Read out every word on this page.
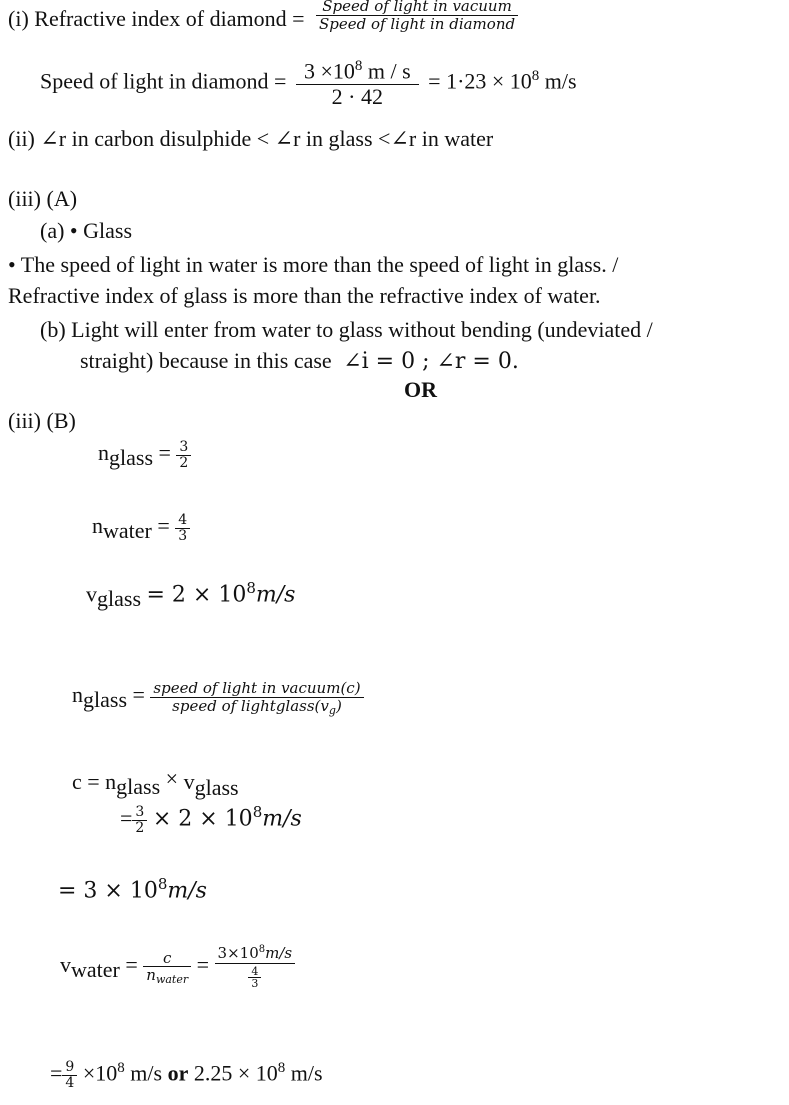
(i) Refractive index of diamond = $\frac{\text{Speed of light in vacuum}}{\text{Speed of light in diamond}}$
Speed of light in diamond = $\frac{3 \times 10^8 m / s}{2 \cdot 42} = 1\cdot 23 \times 10^8$ m/s
(ii) ∠r in carbon disulphide < ∠r in glass <∠r in water
(iii) (A)
(a) • Glass
• The speed of light in water is more than the speed of light in glass. /
Refractive index of glass is more than the refractive index of water.
(b) Light will enter from water to glass without bending (undeviated /
straight) because in this case ∠i = 0 ; ∠r = 0.
OR
(iii) (B)
nglass = $\frac{3}{2}$
nwater = $\frac{4}{3}$
vglass = $2 \times 10^8m/s$
nglass = $\frac{\text{speed of light in vacuum(c)}}{speed of lightglass(v_g)}$
c = nglass × vglass
= $\frac{3}{2} \times 2 \times 10^8m/s$
= $3 \times 10^8m/s$
vwater = $\frac{c}{n_{water}} = \frac{3\times 10^8m/s}{\frac{4}{3}}$
= $\frac{9}{4} \times 10^8$ m/s or $2.25 \times 10^8$ m/s
